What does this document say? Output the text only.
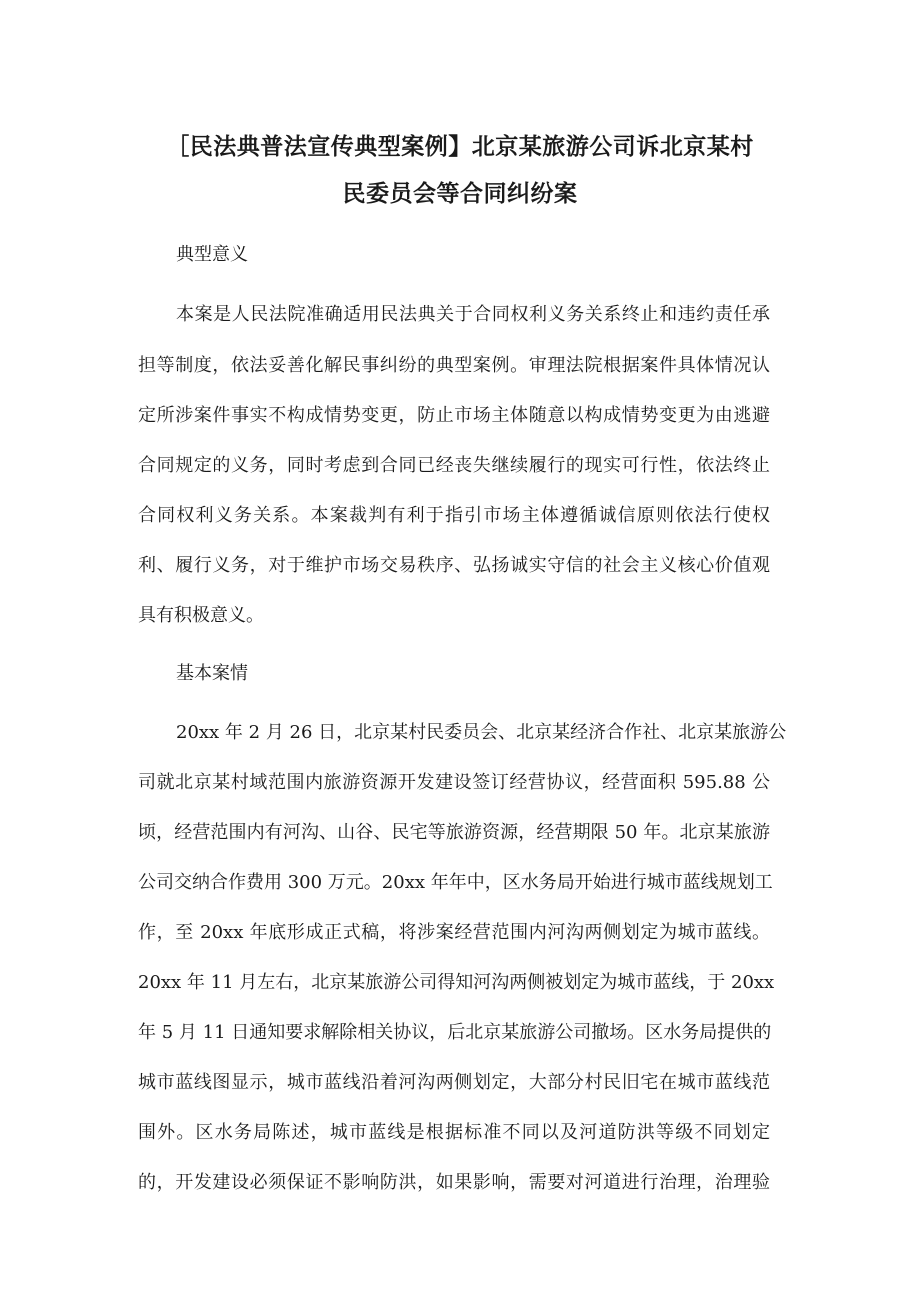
［民法典普法宣传典型案例】北京某旅游公司诉北京某村
民委员会等合同纠纷案
典型意义
本案是人民法院准确适用民法典关于合同权利义务关系终止和违约责任承
担等制度，依法妥善化解民事纠纷的典型案例。审理法院根据案件具体情况认
定所涉案件事实不构成情势变更，防止市场主体随意以构成情势变更为由逃避
合同规定的义务，同时考虑到合同已经丧失继续履行的现实可行性，依法终止
合同权利义务关系。本案裁判有利于指引市场主体遵循诚信原则依法行使权
利、履行义务，对于维护市场交易秩序、弘扬诚实守信的社会主义核心价值观
具有积极意义。
基本案情
20xx 年 2 月 26 日，北京某村民委员会、北京某经济合作社、北京某旅游公
司就北京某村域范围内旅游资源开发建设签订经营协议，经营面积 595.88 公
顷，经营范围内有河沟、山谷、民宅等旅游资源，经营期限 50 年。北京某旅游
公司交纳合作费用 300 万元。20xx 年年中，区水务局开始进行城市蓝线规划工
作，至 20xx 年底形成正式稿，将涉案经营范围内河沟两侧划定为城市蓝线。
20xx 年 11 月左右，北京某旅游公司得知河沟两侧被划定为城市蓝线，于 20xx
年 5 月 11 日通知要求解除相关协议，后北京某旅游公司撤场。区水务局提供的
城市蓝线图显示，城市蓝线沿着河沟两侧划定，大部分村民旧宅在城市蓝线范
围外。区水务局陈述，城市蓝线是根据标准不同以及河道防洪等级不同划定
的，开发建设必须保证不影响防洪，如果影响，需要对河道进行治理，治理验
